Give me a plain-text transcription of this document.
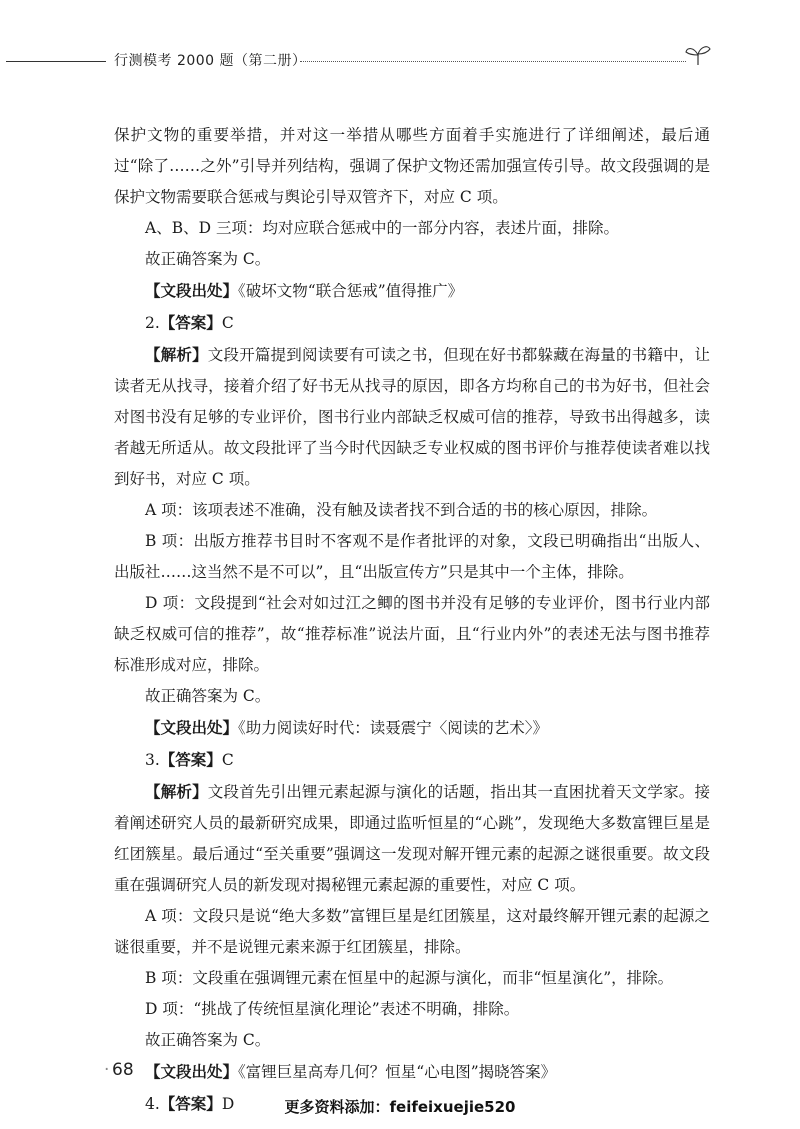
行测模考 2000 题（第二册）

保护文物的重要举措，并对这一举措从哪些方面着手实施进行了详细阐述，最后通过“除了……之外”引导并列结构，强调了保护文物还需加强宣传引导。故文段强调的是保护文物需要联合惩戒与舆论引导双管齐下，对应 C 项。

A、B、D 三项：均对应联合惩戒中的一部分内容，表述片面，排除。

故正确答案为 C。

【文段出处】《破坏文物“联合惩戒”值得推广》

2.【答案】C

【解析】文段开篇提到阅读要有可读之书，但现在好书都躲藏在海量的书籍中，让读者无从找寻，接着介绍了好书无从找寻的原因，即各方均称自己的书为好书，但社会对图书没有足够的专业评价，图书行业内部缺乏权威可信的推荐，导致书出得越多，读者越无所适从。故文段批评了当今时代因缺乏专业权威的图书评价与推荐使读者难以找到好书，对应 C 项。

A 项：该项表述不准确，没有触及读者找不到合适的书的核心原因，排除。

B 项：出版方推荐书目时不客观不是作者批评的对象，文段已明确指出“出版人、出版社……这当然不是不可以”，且“出版宣传方”只是其中一个主体，排除。

D 项：文段提到“社会对如过江之鲫的图书并没有足够的专业评价，图书行业内部缺乏权威可信的推荐”，故“推荐标准”说法片面，且“行业内外”的表述无法与图书推荐标准形成对应，排除。

故正确答案为 C。

【文段出处】《助力阅读好时代：读聂震宁〈阅读的艺术〉》

3.【答案】C

【解析】文段首先引出锂元素起源与演化的话题，指出其一直困扰着天文学家。接着阐述研究人员的最新研究成果，即通过监听恒星的“心跳”，发现绝大多数富锂巨星是红团簇星。最后通过“至关重要”强调这一发现对解开锂元素的起源之谜很重要。故文段重在强调研究人员的新发现对揭秘锂元素起源的重要性，对应 C 项。

A 项：文段只是说“绝大多数”富锂巨星是红团簇星，这对最终解开锂元素的起源之谜很重要，并不是说锂元素来源于红团簇星，排除。

B 项：文段重在强调锂元素在恒星中的起源与演化，而非“恒星演化”，排除。

D 项：“挑战了传统恒星演化理论”表述不明确，排除。

故正确答案为 C。

【文段出处】《富锂巨星高寿几何？恒星“心电图”揭晓答案》

4.【答案】D

· 68
更多资料添加：feifeixuejie520
